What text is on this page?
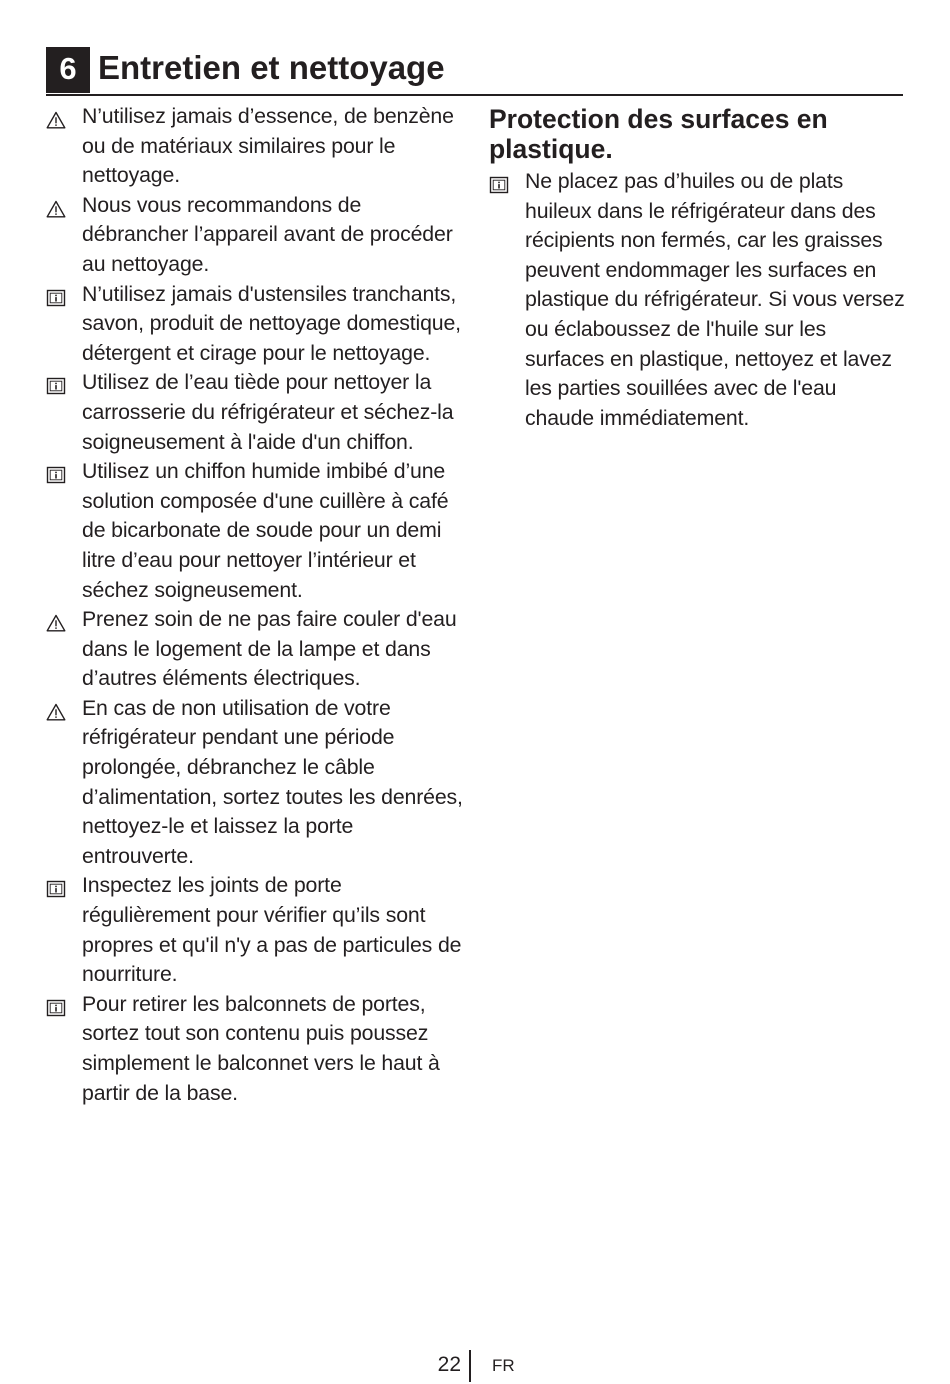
6 Entretien et nettoyage
N’utilisez jamais d’essence, de benzène ou de matériaux similaires pour le nettoyage.
Nous vous recommandons de débrancher l’appareil avant de procéder au nettoyage.
N’utilisez jamais d'ustensiles tranchants, savon, produit de nettoyage domestique, détergent et cirage pour le nettoyage.
Utilisez de l’eau tiède pour nettoyer la carrosserie du réfrigérateur et séchez-la soigneusement à l'aide d'un chiffon.
Utilisez un chiffon humide imbibé d’une solution composée d'une cuillère à café de bicarbonate de soude pour un demi litre d’eau pour nettoyer l’intérieur et séchez soigneusement.
Prenez soin de ne pas faire couler d'eau dans le logement de la lampe et dans d’autres éléments électriques.
En cas de non utilisation de votre réfrigérateur pendant une période prolongée, débranchez le câble d’alimentation, sortez toutes les denrées, nettoyez-le et laissez la porte entrouverte.
Inspectez les joints de porte régulièrement pour vérifier qu’ils sont propres et qu'il n'y a pas de particules de nourriture.
Pour retirer les balconnets de portes, sortez tout son contenu puis poussez simplement le balconnet vers le haut à partir de la base.
Protection des surfaces en plastique.
Ne placez pas d’huiles ou de plats huileux dans le réfrigérateur dans des récipients non fermés, car les graisses peuvent endommager les surfaces en plastique du réfrigérateur. Si vous versez ou éclaboussez de l'huile sur les surfaces en plastique, nettoyez et lavez les parties souillées avec de l'eau chaude immédiatement.
22 FR
